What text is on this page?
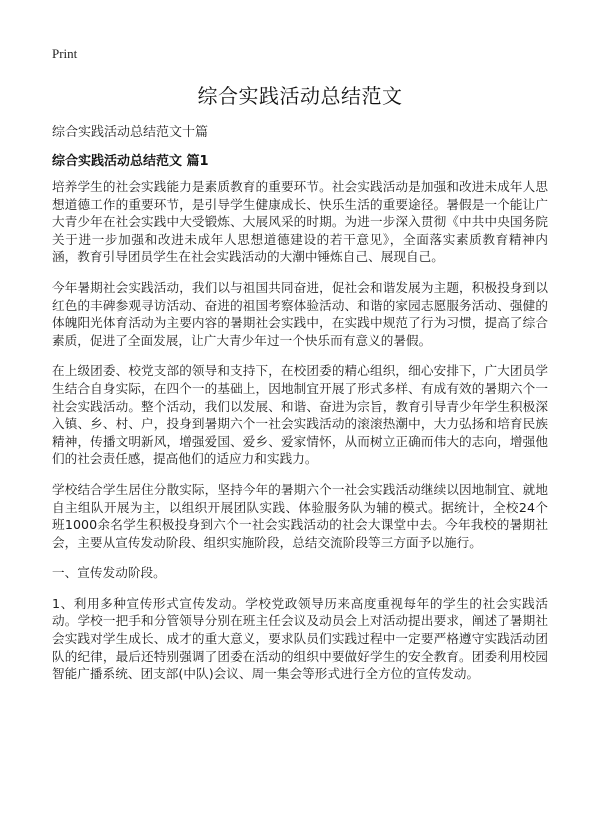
Print
综合实践活动总结范文
综合实践活动总结范文十篇
综合实践活动总结范文 篇1

培养学生的社会实践能力是素质教育的重要环节。社会实践活动是加强和改进未成年人思想道德工作的重要环节，是引导学生健康成长、快乐生活的重要途径。暑假是一个能让广大青少年在社会实践中大受锻炼、大展风采的时期。为进一步深入贯彻《中共中央国务院关于进一步加强和改进未成年人思想道德建设的若干意见》，全面落实素质教育精神内涵，教育引导团员学生在社会实践活动的大潮中锤炼自己、展现自己。

今年暑期社会实践活动，我们以与祖国共同奋进，促社会和谐发展为主题，积极投身到以红色的丰碑参观寻访活动、奋进的祖国考察体验活动、和谐的家园志愿服务活动、强健的体魄阳光体育活动为主要内容的暑期社会实践中，在实践中规范了行为习惯，提高了综合素质，促进了全面发展，让广大青少年过一个快乐而有意义的暑假。

在上级团委、校党支部的领导和支持下，在校团委的精心组织，细心安排下，广大团员学生结合自身实际，在四个一的基础上，因地制宜开展了形式多样、有成有效的暑期六个一社会实践活动。整个活动，我们以发展、和谐、奋进为宗旨，教育引导青少年学生积极深入镇、乡、村、户，投身到暑期六个一社会实践活动的滚滚热潮中，大力弘扬和培育民族精神，传播文明新风，增强爱国、爱乡、爱家情怀，从而树立正确而伟大的志向，增强他们的社会责任感，提高他们的适应力和实践力。

学校结合学生居住分散实际，坚持今年的暑期六个一社会实践活动继续以因地制宜、就地自主组队开展为主，以组织开展团队实践、体验服务队为辅的模式。据统计，全校24个班1000余名学生积极投身到六个一社会实践活动的社会大课堂中去。今年我校的暑期社会，主要从宣传发动阶段、组织实施阶段，总结交流阶段等三方面予以施行。

一、宣传发动阶段。

1、利用多种宣传形式宣传发动。学校党政领导历来高度重视每年的学生的社会实践活动。学校一把手和分管领导分别在班主任会议及动员会上对活动提出要求，阐述了暑期社会实践对学生成长、成才的重大意义，要求队员们实践过程中一定要严格遵守实践活动团队的纪律，最后还特别强调了团委在活动的组织中要做好学生的安全教育。团委利用校园智能广播系统、团支部(中队)会议、周一集会等形式进行全方位的宣传发动。
